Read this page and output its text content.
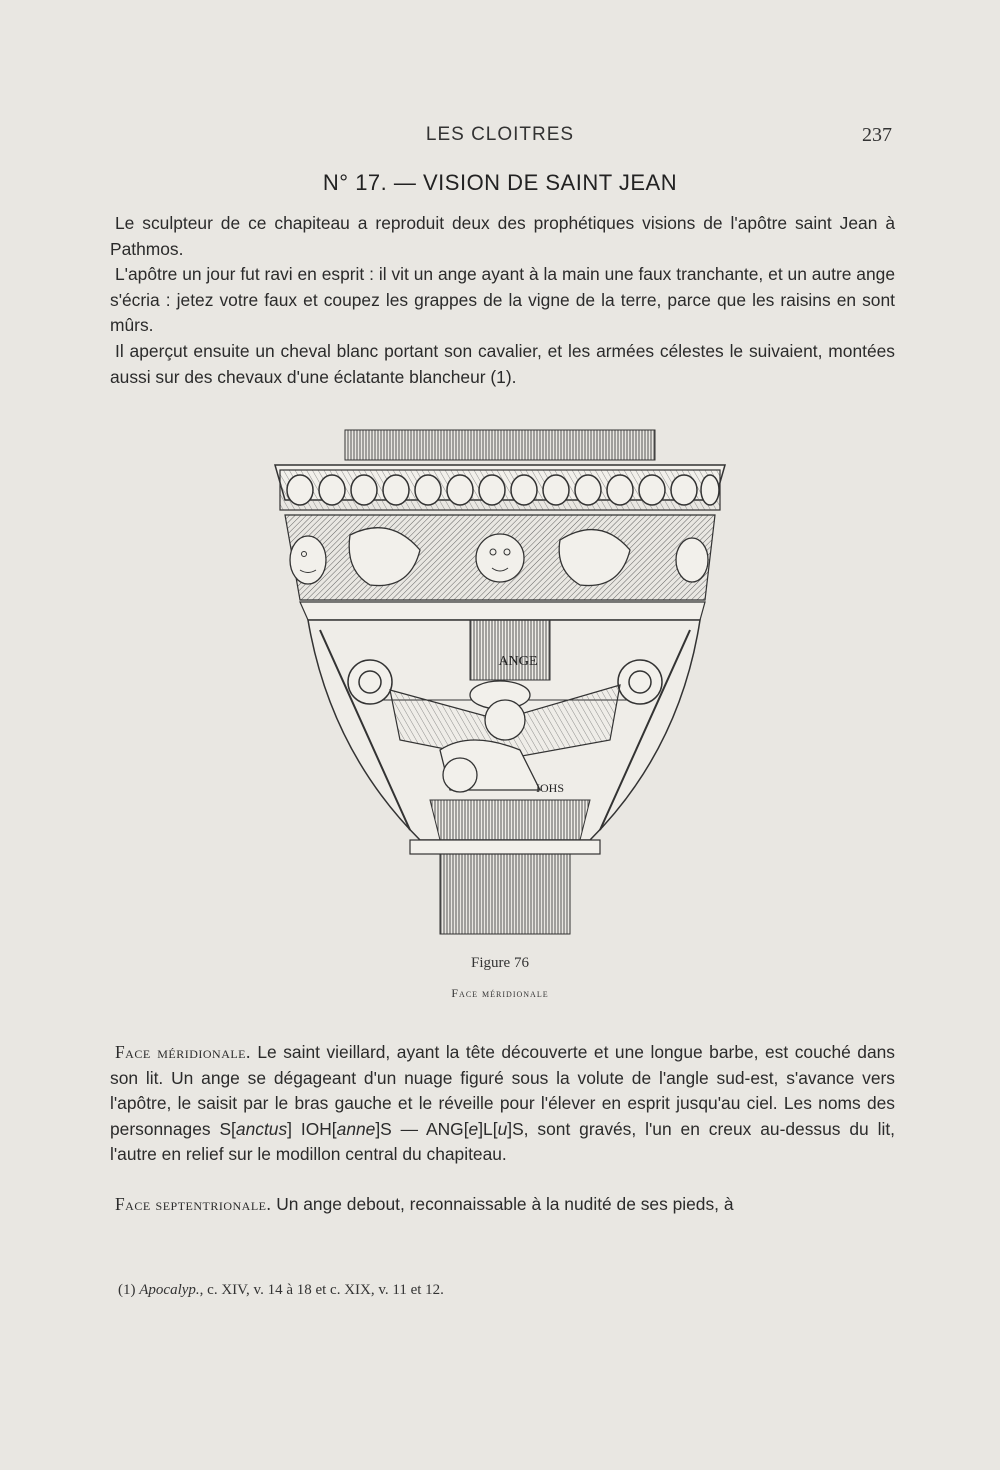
LES CLOITRES	237
N° 17. — VISION DE SAINT JEAN

Le sculpteur de ce chapiteau a reproduit deux des prophétiques visions de l'apôtre saint Jean à Pathmos.

L'apôtre un jour fut ravi en esprit : il vit un ange ayant à la main une faux tranchante, et un autre ange s'écria : jetez votre faux et coupez les grappes de la vigne de la terre, parce que les raisins en sont mûrs.

Il aperçut ensuite un cheval blanc portant son cavalier, et les armées célestes le suivaient, montées aussi sur des chevaux d'une éclatante blancheur (1).

ANGE
IOHS
Figure 76
Face méridionale

Face méridionale. Le saint vieillard, ayant la tête découverte et une longue barbe, est couché dans son lit. Un ange se dégageant d'un nuage figuré sous la volute de l'angle sud-est, s'avance vers l'apôtre, le saisit par le bras gauche et le réveille pour l'élever en esprit jusqu'au ciel. Les noms des personnages S[anctus] IOH[anne]S — ANG[e]L[u]S, sont gravés, l'un en creux au-dessus du lit, l'autre en relief sur le modillon central du chapiteau.

Face septentrionale. Un ange debout, reconnaissable à la nudité de ses pieds, à

(1) Apocalyp., c. XIV, v. 14 à 18 et c. XIX, v. 11 et 12.
